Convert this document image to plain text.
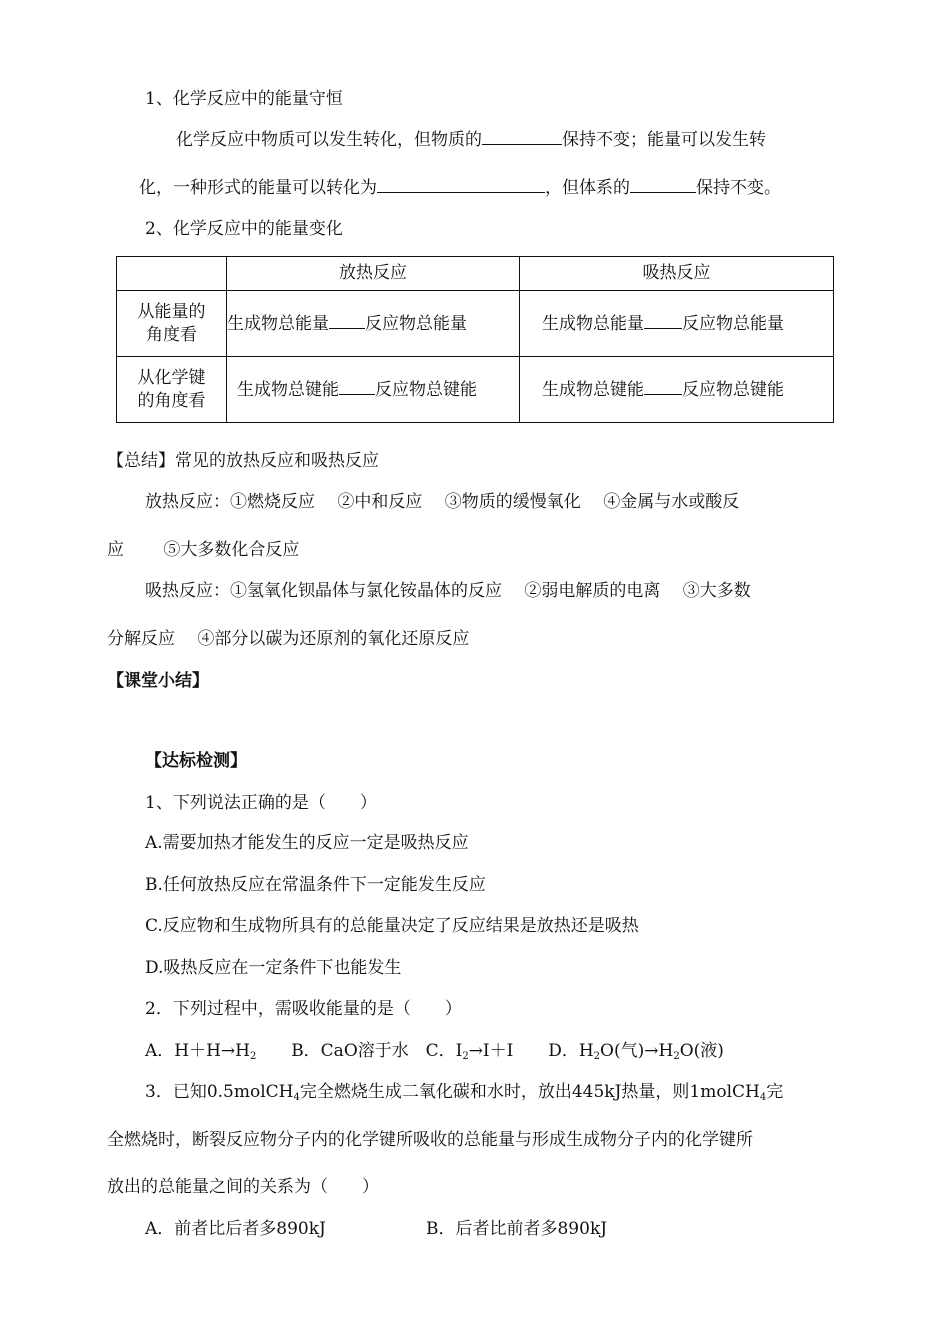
1、化学反应中的能量守恒
化学反应中物质可以发生转化，但物质的	保持不变；能量可以发生转
化，一种形式的能量可以转化为	，但体系的	保持不变。
2、化学反应中的能量变化
	放热反应	吸热反应

从能量的
角度看	生成物总能量 反应物总能量	生成物总能量 反应物总能量

从化学键
的角度看	生成物总键能 反应物总键能	生成物总键能 反应物总键能
【总结】常见的放热反应和吸热反应
放热反应：①燃烧反应　 ②中和反应　 ③物质的缓慢氧化　 ④金属与水或酸反
应　　 ⑤大多数化合反应
吸热反应：①氢氧化钡晶体与氯化铵晶体的反应　 ②弱电解质的电离　 ③大多数
分解反应　 ④部分以碳为还原剂的氧化还原反应
【课堂小结】
【达标检测】
1、下列说法正确的是（　　）
A.需要加热才能发生的反应一定是吸热反应
B.任何放热反应在常温条件下一定能发生反应
C.反应物和生成物所具有的总能量决定了反应结果是放热还是吸热
D.吸热反应在一定条件下也能发生
2．下列过程中，需吸收能量的是（　　）
A．$H+H\to H_2$ B．CaO溶于水 C．$I_2\to I+I$ D．$H_2O$(气)$\to H_2O$(液)
3．已知0.5molCH$_4$完全燃烧生成二氧化碳和水时，放出445kJ热量，则1molCH$_4$完
全燃烧时，断裂反应物分子内的化学键所吸收的总能量与形成生成物分子内的化学键所
放出的总能量之间的关系为（　　）
A．前者比后者多890kJ	B．后者比前者多890kJ
